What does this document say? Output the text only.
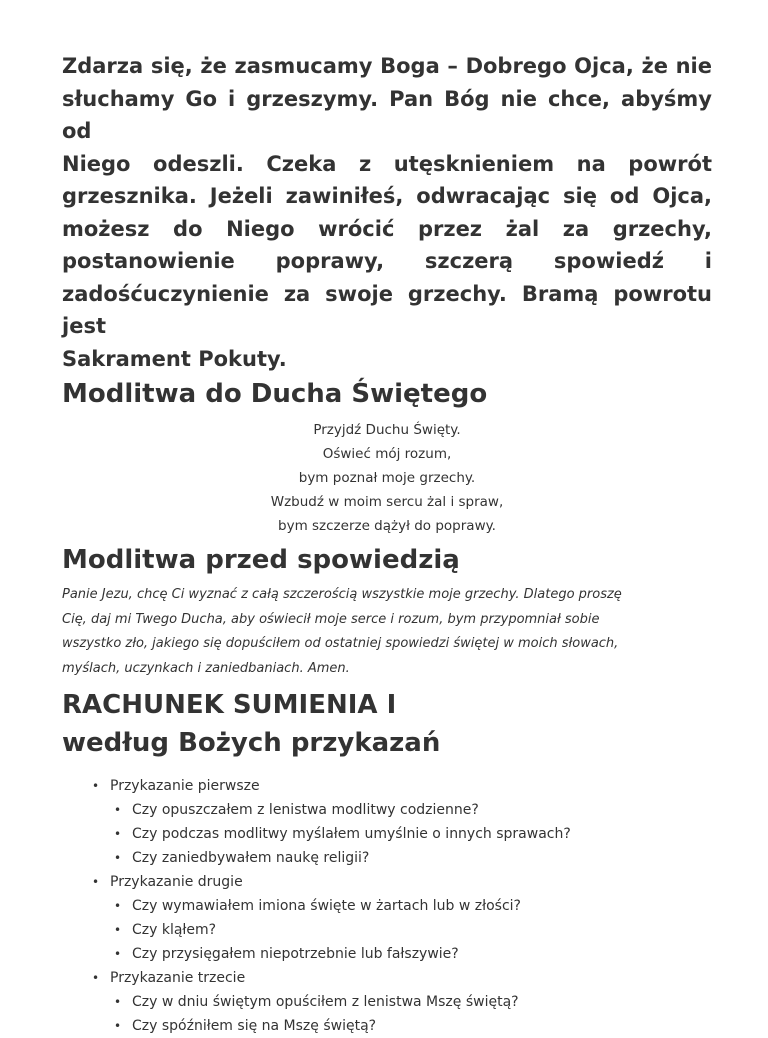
Zdarza się, że zasmucamy Boga – Dobrego Ojca, że nie
słuchamy Go i grzeszymy. Pan Bóg nie chce, abyśmy od
Niego odeszli. Czeka z utęsknieniem na powrót
grzesznika. Jeżeli zawiniłeś, odwracając się od Ojca,
możesz do Niego wrócić przez żal za grzechy,
postanowienie poprawy, szczerą spowiedź i
zadośćuczynienie za swoje grzechy. Bramą powrotu jest
Sakrament Pokuty.
Modlitwa do Ducha Świętego
Przyjdź Duchu Święty.
Oświeć mój rozum,
bym poznał moje grzechy.
Wzbudź w moim sercu żal i spraw,
bym szczerze dążył do poprawy.
Modlitwa przed spowiedzią
Panie Jezu, chcę Ci wyznać z całą szczerością wszystkie moje grzechy. Dlatego proszę
Cię, daj mi Twego Ducha, aby oświecił moje serce i rozum, bym przypomniał sobie
wszystko zło, jakiego się dopuściłem od ostatniej spowiedzi świętej w moich słowach,
myślach, uczynkach i zaniedbaniach. Amen.
RACHUNEK SUMIENIA I
według Bożych przykazań
• Przykazanie pierwsze
• Czy opuszczałem z lenistwa modlitwy codzienne?
• Czy podczas modlitwy myślałem umyślnie o innych sprawach?
• Czy zaniedbywałem naukę religii?
• Przykazanie drugie
• Czy wymawiałem imiona święte w żartach lub w złości?
• Czy kląłem?
• Czy przysięgałem niepotrzebnie lub fałszywie?
• Przykazanie trzecie
• Czy w dniu świętym opuściłem z lenistwa Mszę świętą?
• Czy spóźniłem się na Mszę świętą?
